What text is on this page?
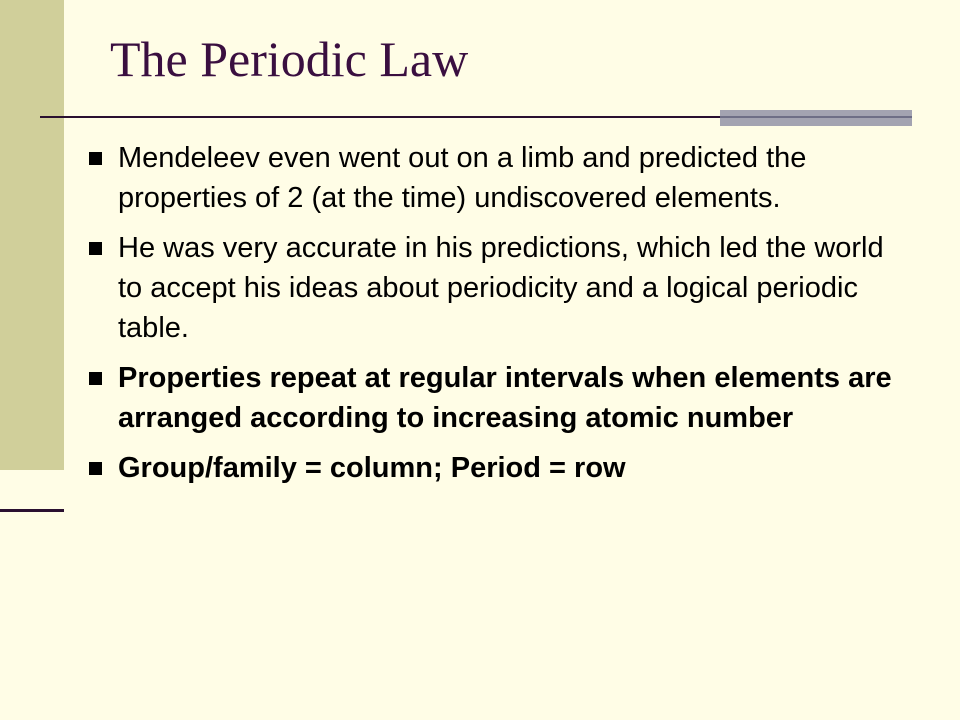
The Periodic Law
Mendeleev even went out on a limb and predicted the properties of 2 (at the time) undiscovered elements.
He was very accurate in his predictions, which led the world to accept his ideas about periodicity and a logical periodic table.
Properties repeat at regular intervals when elements are arranged according to increasing atomic number
Group/family = column; Period = row
